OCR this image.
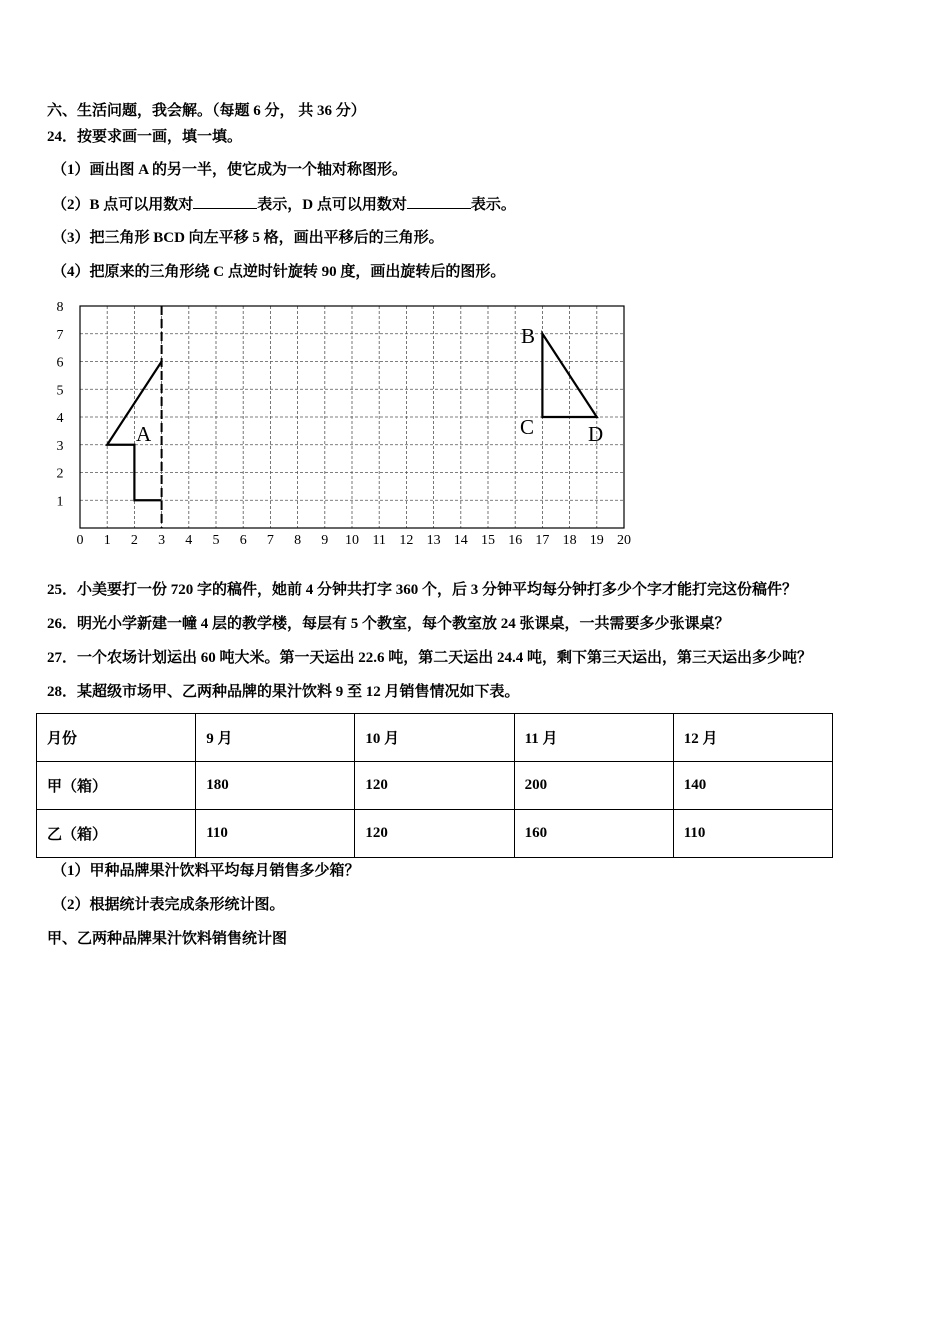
六、生活问题，我会解。（每题 6 分， 共 36 分）
24．按要求画一画，填一填。
（1）画出图 A 的另一半，使它成为一个轴对称图形。
（2）B 点可以用数对	表示，D 点可以用数对	表示。
（3）把三角形 BCD 向左平移 5 格，画出平移后的三角形。
（4）把原来的三角形绕 C 点逆时针旋转 90 度，画出旋转后的图形。
0 1 2 3 4 5 6 7 8 9 10 11 12 13 14 15 16 17 18 19 20
1
2
3
4
5
6
7
8
A
B
C	D
25．小美要打一份 720 字的稿件，她前 4 分钟共打字 360 个，后 3 分钟平均每分钟打多少个字才能打完这份稿件？
26．明光小学新建一幢 4 层的教学楼，每层有 5 个教室，每个教室放 24 张课桌，一共需要多少张课桌？
27．一个农场计划运出 60 吨大米。第一天运出 22.6 吨，第二天运出 24.4 吨，剩下第三天运出，第三天运出多少吨？
28．某超级市场甲、乙两种品牌的果汁饮料 9 至 12 月销售情况如下表。
月份	9 月	10 月	11 月	12 月
甲（箱）	180	120	200	140
乙（箱）	110	120	160	110
（1）甲种品牌果汁饮料平均每月销售多少箱？
（2）根据统计表完成条形统计图。
甲、乙两种品牌果汁饮料销售统计图
